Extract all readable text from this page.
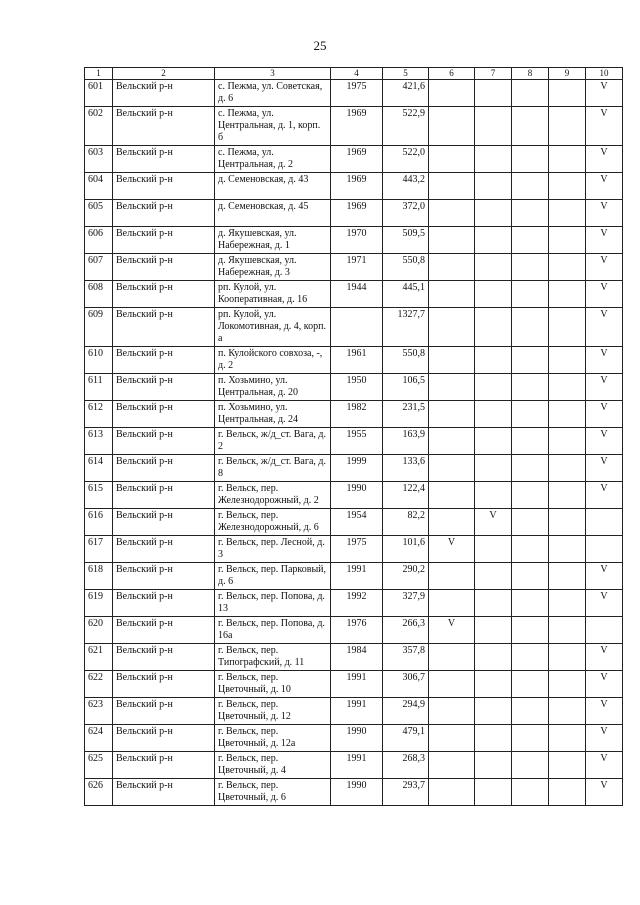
25
1	2	3	4	5	6	7	8	9	10
601	Вельский р-н	с. Пежма, ул. Советская, д. 6	1975	421,6					V
602	Вельский р-н	с. Пежма, ул. Центральная, д. 1, корп. б	1969	522,9					V
603	Вельский р-н	с. Пежма, ул. Центральная, д. 2	1969	522,0					V
604	Вельский р-н	д. Семеновская, д. 43	1969	443,2					V
605	Вельский р-н	д. Семеновская, д. 45	1969	372,0					V
606	Вельский р-н	д. Якушевская, ул. Набережная, д. 1	1970	509,5					V
607	Вельский р-н	д. Якушевская, ул. Набережная, д. 3	1971	550,8					V
608	Вельский р-н	рп. Кулой, ул. Кооперативная, д. 16	1944	445,1					V
609	Вельский р-н	рп. Кулой, ул. Локомотивная, д. 4, корп. а		1327,7					V
610	Вельский р-н	п. Кулойского совхоза, -, д. 2	1961	550,8					V
611	Вельский р-н	п. Хозьмино, ул. Центральная, д. 20	1950	106,5					V
612	Вельский р-н	п. Хозьмино, ул. Центральная, д. 24	1982	231,5					V
613	Вельский р-н	г. Вельск, ж/д_ст. Вага, д. 2	1955	163,9					V
614	Вельский р-н	г. Вельск, ж/д_ст. Вага, д. 8	1999	133,6					V
615	Вельский р-н	г. Вельск, пер. Железнодорожный, д. 2	1990	122,4					V
616	Вельский р-н	г. Вельск, пер. Железнодорожный, д. 6	1954	82,2		V			
617	Вельский р-н	г. Вельск, пер. Лесной, д. 3	1975	101,6	V				
618	Вельский р-н	г. Вельск, пер. Парковый, д. 6	1991	290,2					V
619	Вельский р-н	г. Вельск, пер. Попова, д. 13	1992	327,9					V
620	Вельский р-н	г. Вельск, пер. Попова, д. 16а	1976	266,3	V				
621	Вельский р-н	г. Вельск, пер. Типографский, д. 11	1984	357,8					V
622	Вельский р-н	г. Вельск, пер. Цветочный, д. 10	1991	306,7					V
623	Вельский р-н	г. Вельск, пер. Цветочный, д. 12	1991	294,9					V
624	Вельский р-н	г. Вельск, пер. Цветочный, д. 12а	1990	479,1					V
625	Вельский р-н	г. Вельск, пер. Цветочный, д. 4	1991	268,3					V
626	Вельский р-н	г. Вельск, пер. Цветочный, д. 6	1990	293,7					V
